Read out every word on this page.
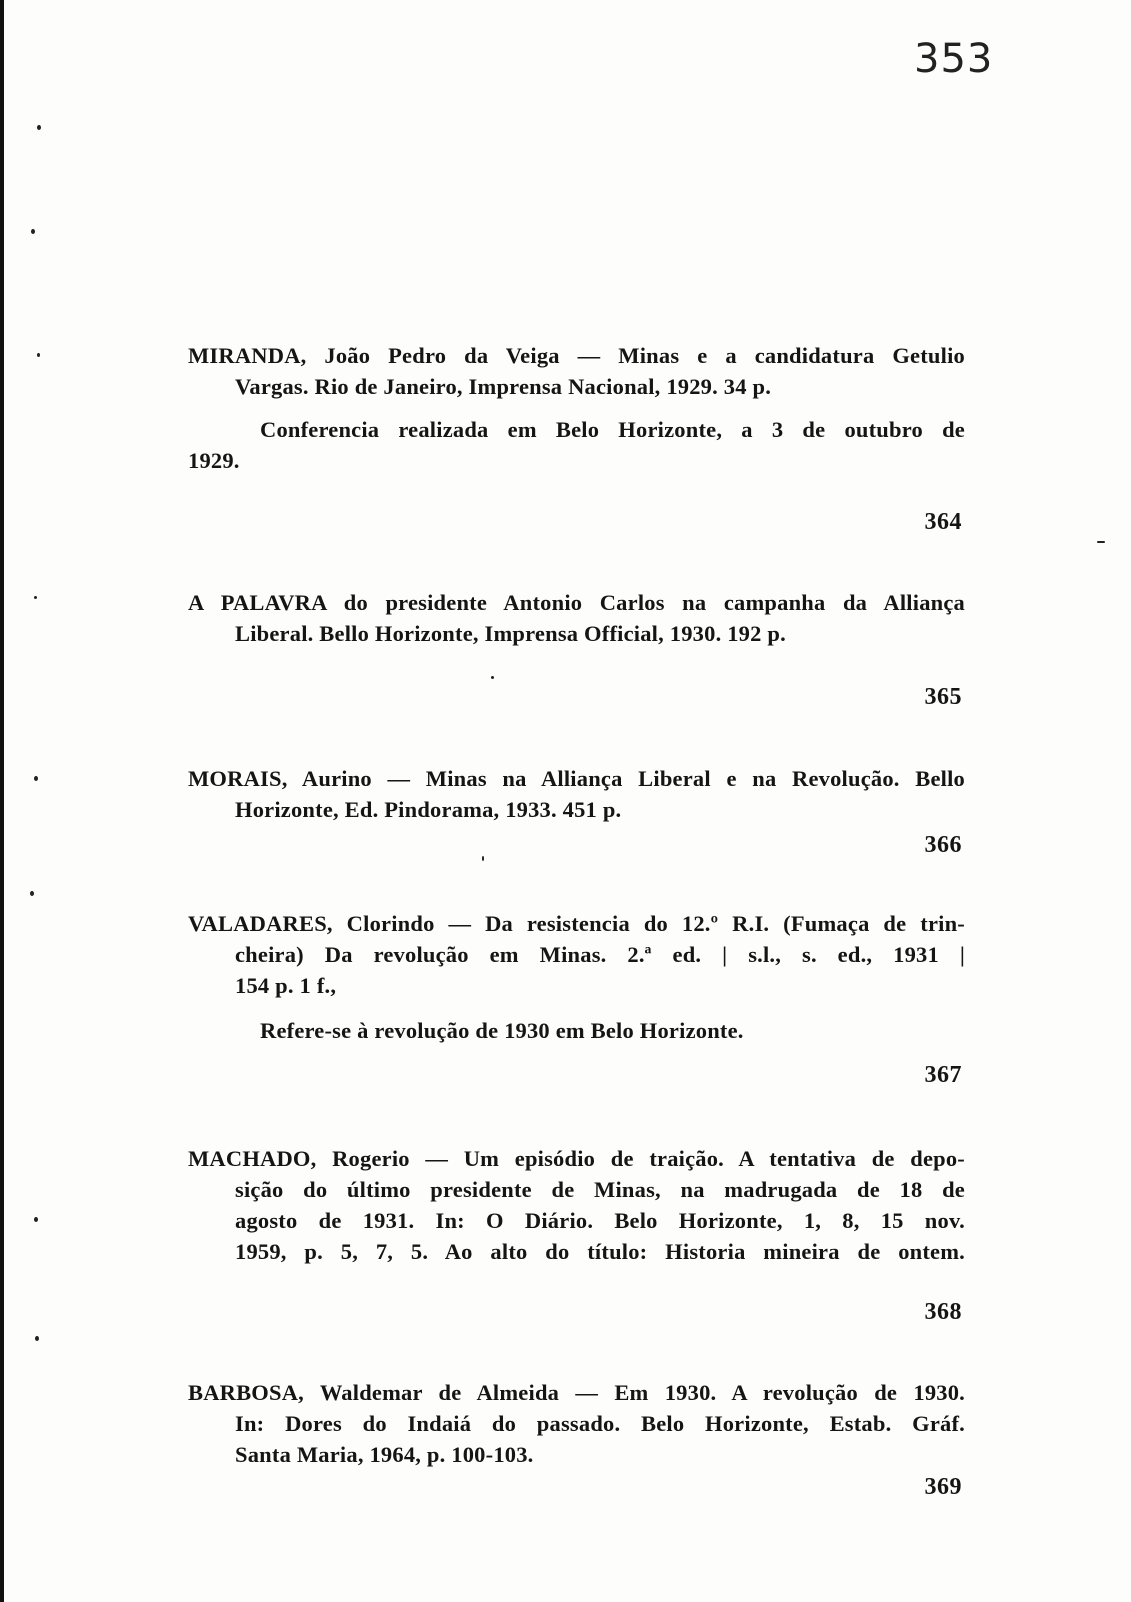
353
MIRANDA, João Pedro da Veiga — Minas e a candidatura Getulio
Vargas. Rio de Janeiro, Imprensa Nacional, 1929. 34 p.
Conferencia realizada em Belo Horizonte, a 3 de outubro de
1929.
364
A PALAVRA do presidente Antonio Carlos na campanha da Alliança
Liberal. Bello Horizonte, Imprensa Official, 1930. 192 p.
365
MORAIS, Aurino — Minas na Alliança Liberal e na Revolução. Bello
Horizonte, Ed. Pindorama, 1933. 451 p.
366
VALADARES, Clorindo — Da resistencia do 12.º R.I. (Fumaça de trin-
cheira) Da revolução em Minas. 2.ª ed. | s.l., s. ed., 1931 |
154 p. 1 f.,
Refere-se à revolução de 1930 em Belo Horizonte.
367
MACHADO, Rogerio — Um episódio de traição. A tentativa de depo-
sição do último presidente de Minas, na madrugada de 18 de
agosto de 1931. In: O Diário. Belo Horizonte, 1, 8, 15 nov.
1959, p. 5, 7, 5. Ao alto do título: Historia mineira de ontem.
368
BARBOSA, Waldemar de Almeida — Em 1930. A revolução de 1930.
In: Dores do Indaiá do passado. Belo Horizonte, Estab. Gráf.
Santa Maria, 1964, p. 100-103.
369
